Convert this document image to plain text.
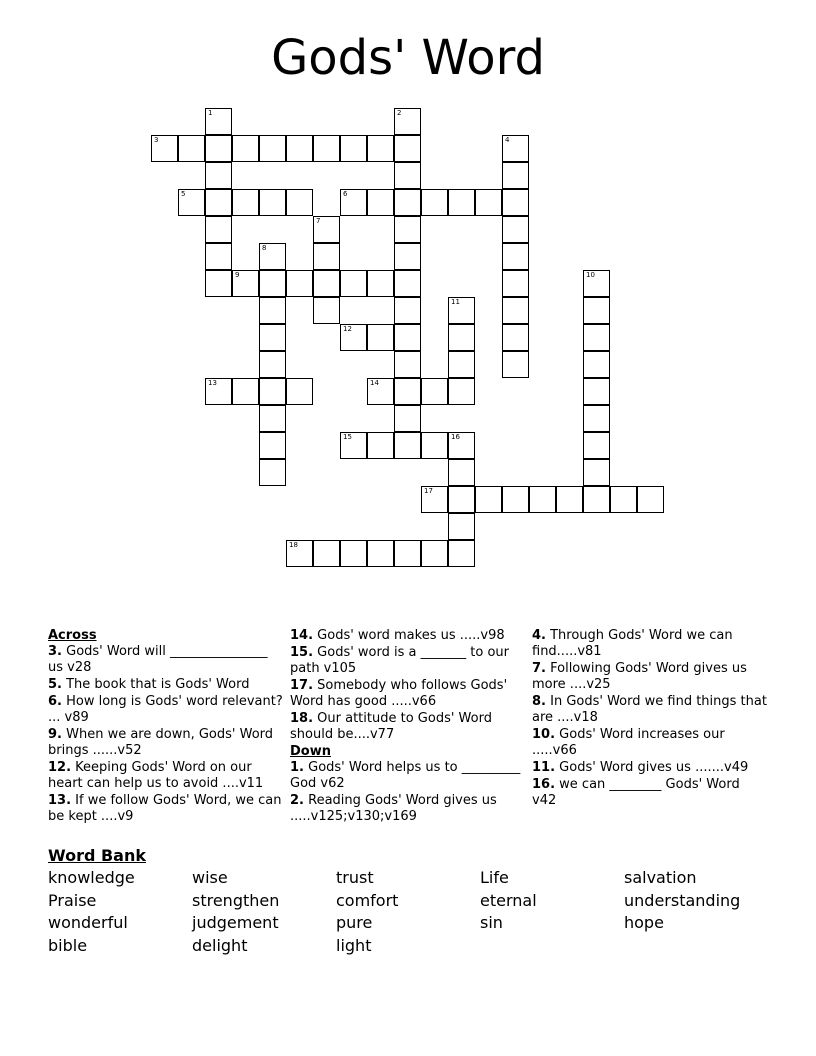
Gods' Word
1	2
3	4
5	6
7
8
9	10
11
12
13	14
15	16
17
18
Across
3. Gods' Word will _______________ us v28
5. The book that is Gods' Word
6. How long is Gods' word relevant? ... v89
9. When we are down, Gods' Word brings ......v52
12. Keeping Gods' Word on our heart can help us to avoid ....v11
13. If we follow Gods' Word, we can be kept ....v9
14. Gods' word makes us .....v98
15. Gods' word is a _______ to our path v105
17. Somebody who follows Gods' Word has good .....v66
18. Our attitude to Gods' Word should be....v77
Down
1. Gods' Word helps us to _________ God v62
2. Reading Gods' Word gives us .....v125;v130;v169
4. Through Gods' Word we can find.....v81
7. Following Gods' Word gives us more ....v25
8. In Gods' Word we find things that are ....v18
10. Gods' Word increases our .....v66
11. Gods' Word gives us .......v49
16. we can ________ Gods' Word v42
Word Bank
knowledge	wise	trust	Life	salvation
Praise	strengthen	comfort	eternal	understanding
wonderful	judgement	pure	sin	hope
bible	delight	light
